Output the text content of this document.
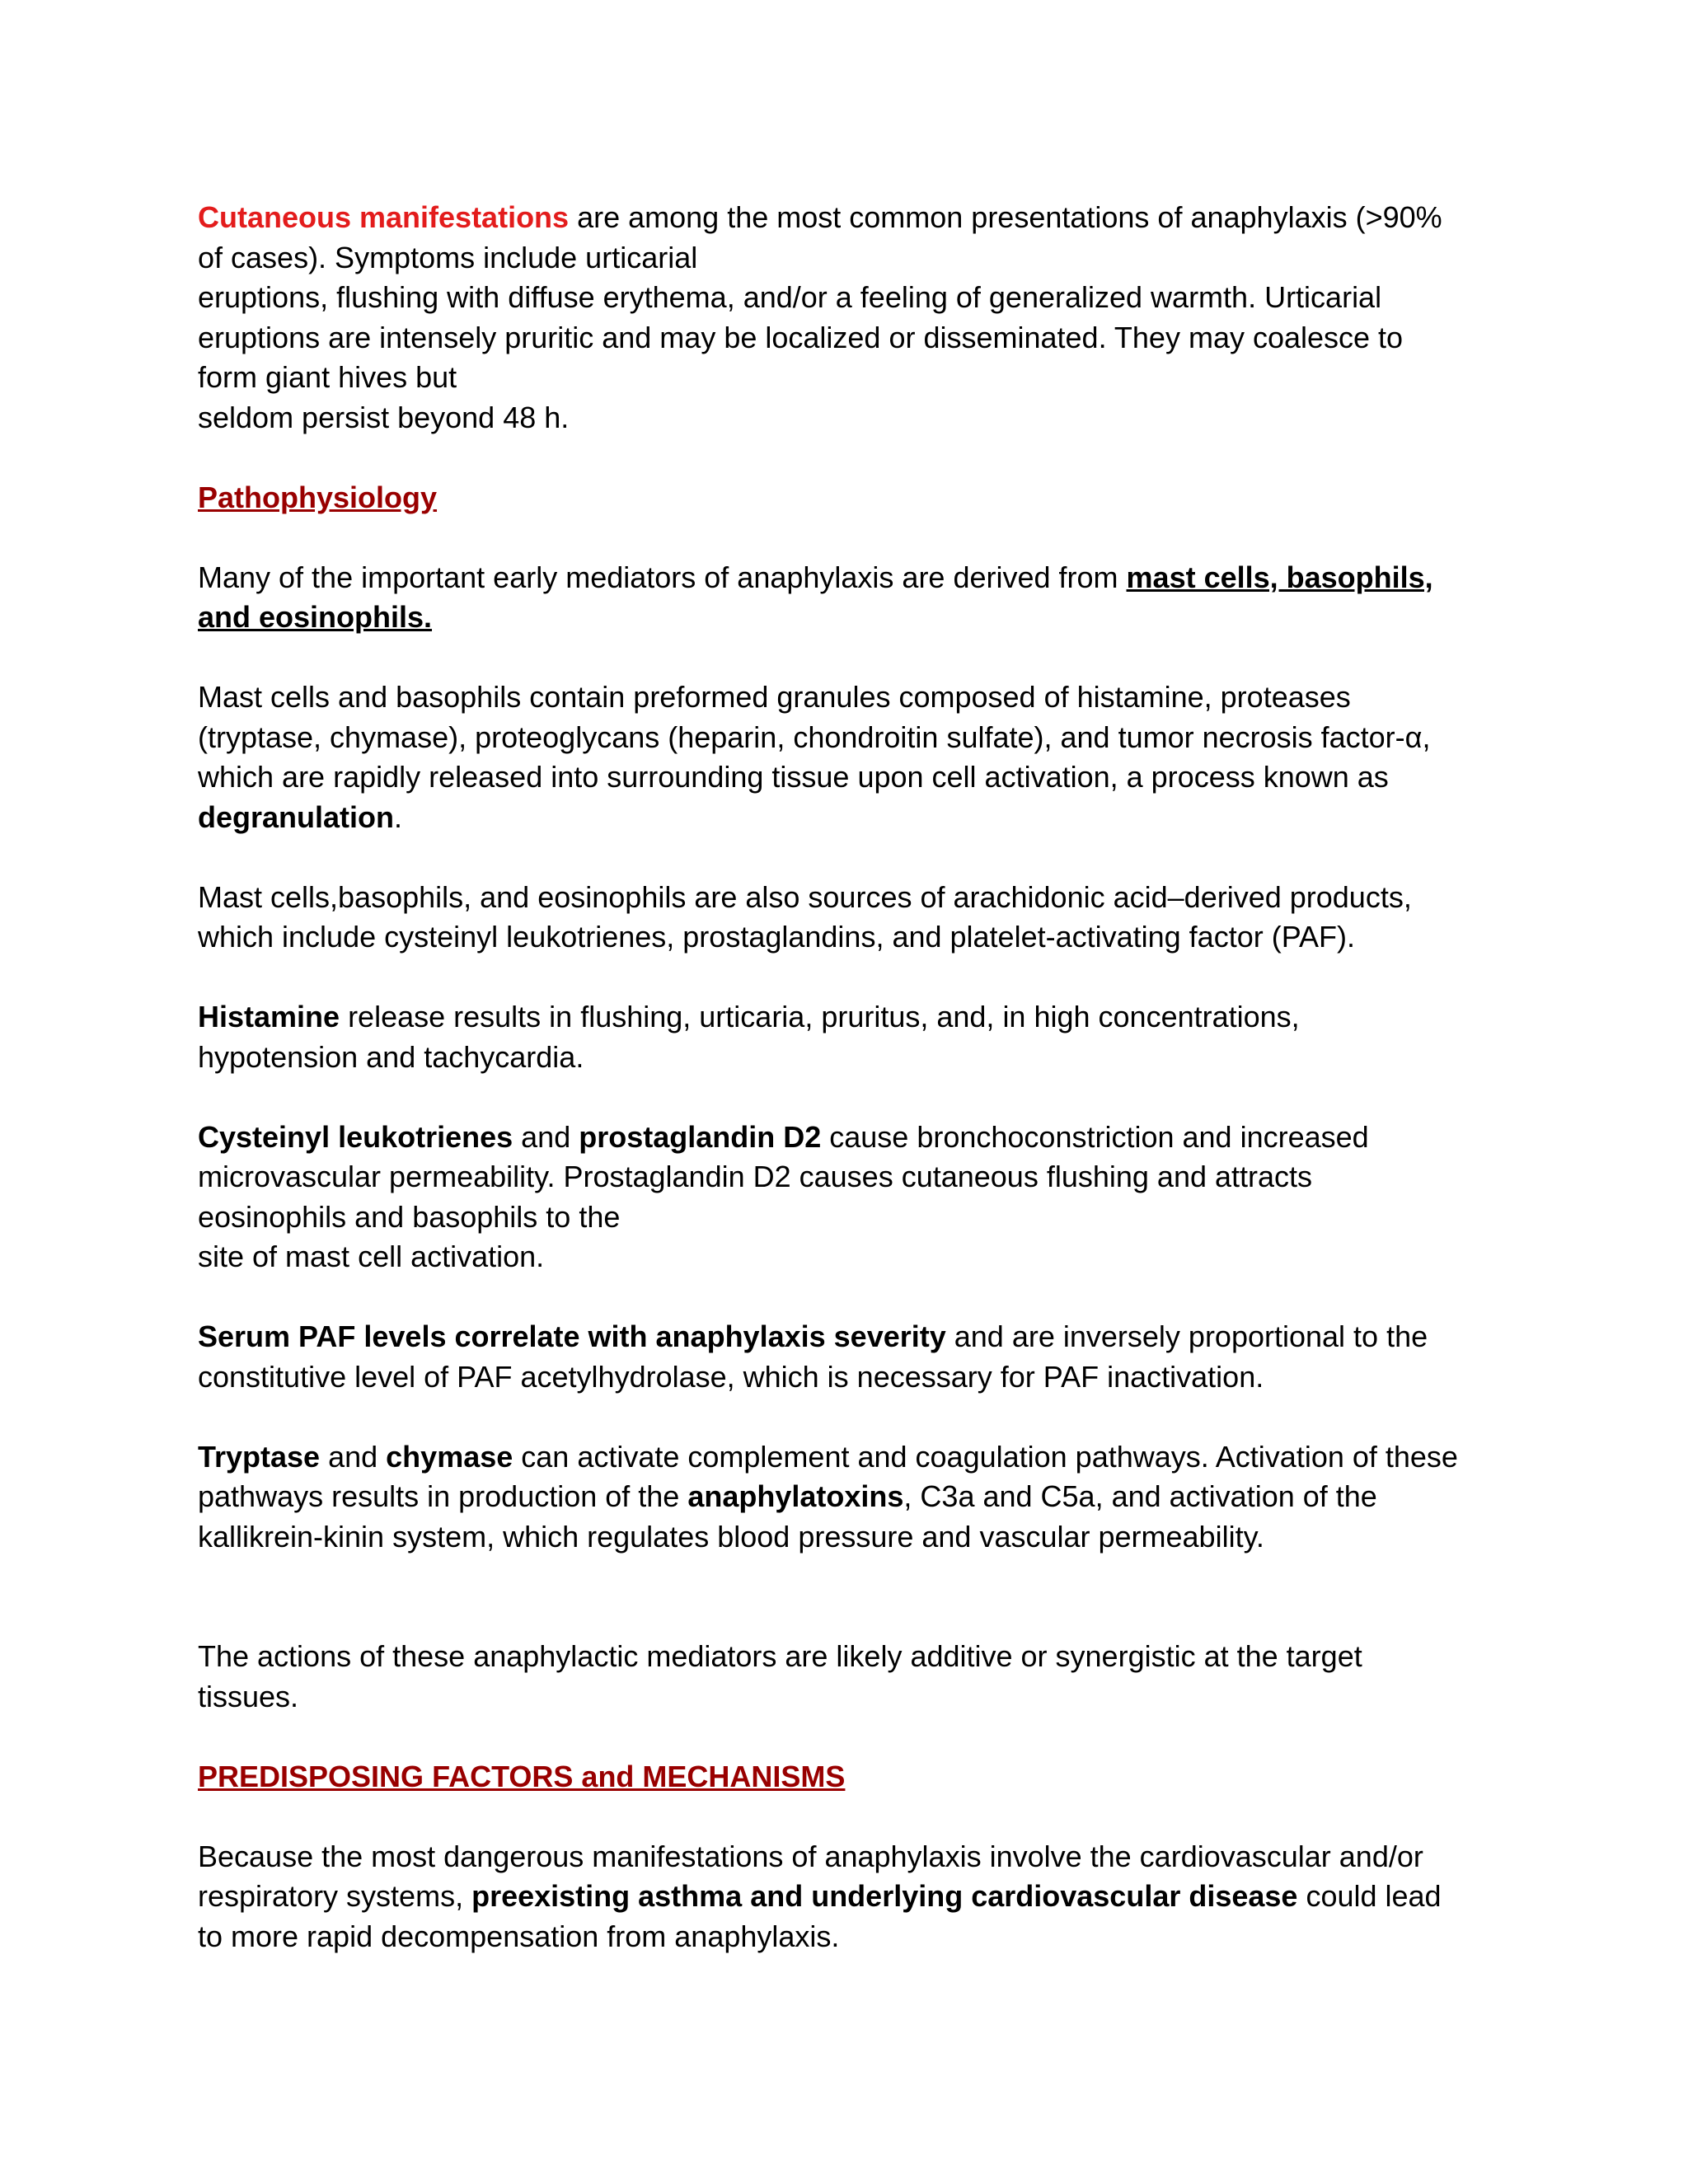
Cutaneous manifestations are among the most common presentations of anaphylaxis (>90%
of cases). Symptoms include urticarial
eruptions, flushing with diffuse erythema, and/or a feeling of generalized warmth. Urticarial
eruptions are intensely pruritic and may be localized or disseminated. They may coalesce to
form giant hives but
seldom persist beyond 48 h.

Pathophysiology

Many of the important early mediators of anaphylaxis are derived from mast cells, basophils,
and eosinophils.

Mast cells and basophils contain preformed granules composed of histamine, proteases
(tryptase, chymase), proteoglycans (heparin, chondroitin sulfate), and tumor necrosis factor-α,
which are rapidly released into surrounding tissue upon cell activation, a process known as
degranulation.

Mast cells,basophils, and eosinophils are also sources of arachidonic acid–derived products,
which include cysteinyl leukotrienes, prostaglandins, and platelet-activating factor (PAF).

Histamine release results in flushing, urticaria, pruritus, and, in high concentrations,
hypotension and tachycardia.

Cysteinyl leukotrienes and prostaglandin D2 cause bronchoconstriction and increased
microvascular permeability. Prostaglandin D2 causes cutaneous flushing and attracts
eosinophils and basophils to the
site of mast cell activation.

Serum PAF levels correlate with anaphylaxis severity and are inversely proportional to the
constitutive level of PAF acetylhydrolase, which is necessary for PAF inactivation.

Tryptase and chymase can activate complement and coagulation pathways. Activation of these
pathways results in production of the anaphylatoxins, C3a and C5a, and activation of the
kallikrein-kinin system, which regulates blood pressure and vascular permeability.

The actions of these anaphylactic mediators are likely additive or synergistic at the target
tissues.

PREDISPOSING FACTORS and MECHANISMS

Because the most dangerous manifestations of anaphylaxis involve the cardiovascular and/or
respiratory systems, preexisting asthma and underlying cardiovascular disease could lead
to more rapid decompensation from anaphylaxis.
